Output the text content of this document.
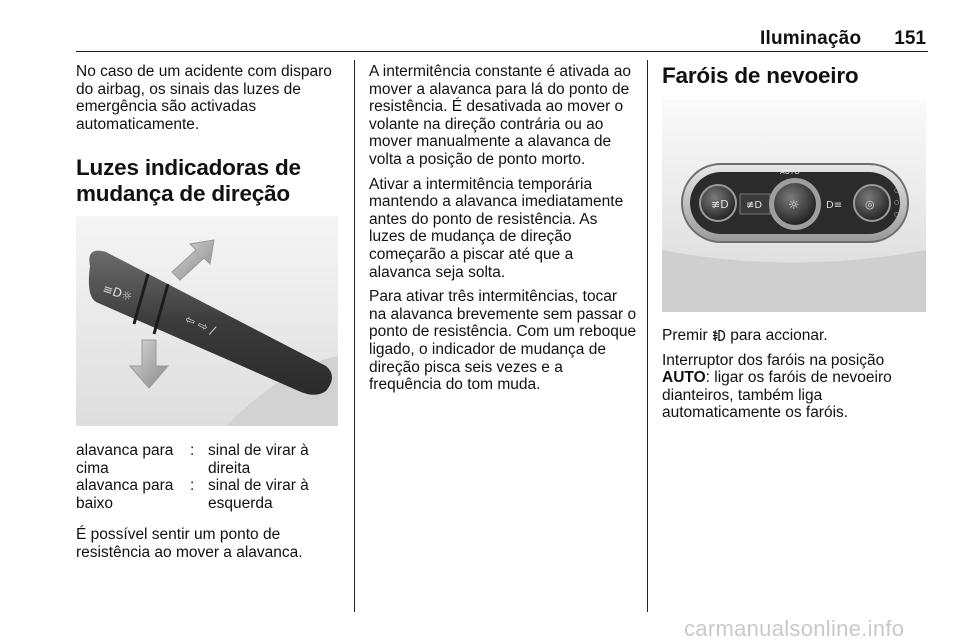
Iluminação	151

No caso de um acidente com disparo do airbag, os sinais das luzes de emergência são activadas automaticamente.

Luzes indicadoras de
mudança de direção
≡D☼
⇦ ⇨ /
alavanca para cima
: sinal de virar à direita
alavanca para baixo
: sinal de virar à esquerda

É possível sentir um ponto de resistência ao mover a alavanca.

A intermitência constante é ativada ao mover a alavanca para lá do ponto de resistência. É desativada ao mover o volante na direção contrária ou ao mover manualmente a alavanca de volta a posição de ponto morto.

Ativar a intermitência temporária mantendo a alavanca imediatamente antes do ponto de resistência. As luzes de mudança de direção começarão a piscar até que a alavanca seja solta.

Para ativar três intermitências, tocar na alavanca brevemente sem passar o ponto de resistência. Com um reboque ligado, o indicador de mudança de direção pisca seis vezes e a frequência do tom muda.

Faróis de nevoeiro
≢D ≢D ☼
AUTO
D≡ ◎
○
○
○

Premir para accionar.

Interruptor dos faróis na posição AUTO: ligar os faróis de nevoeiro dianteiros, também liga automaticamente os faróis.

carmanualsonline.info
